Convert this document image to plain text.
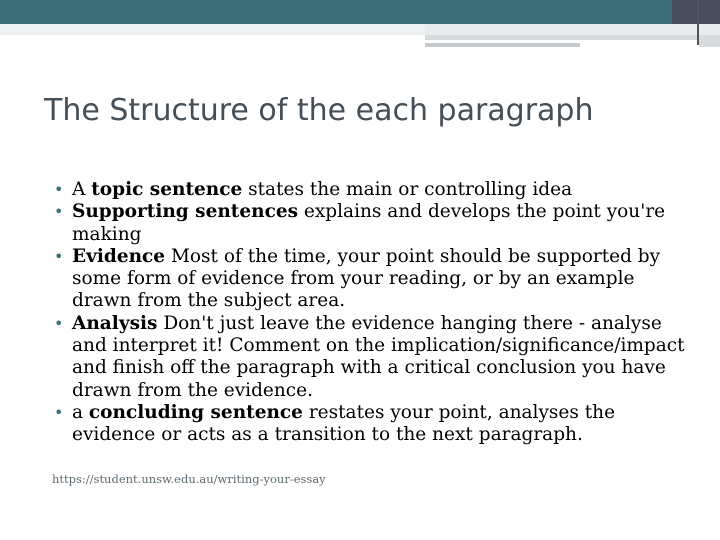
The Structure of the each paragraph
• A topic sentence states the main or controlling idea
• Supporting sentences explains and develops the point you're making
• Evidence Most of the time, your point should be supported by some form of evidence from your reading, or by an example drawn from the subject area.
• Analysis Don't just leave the evidence hanging there - analyse and interpret it! Comment on the implication/significance/impact and finish off the paragraph with a critical conclusion you have drawn from the evidence.
• a concluding sentence restates your point, analyses the evidence or acts as a transition to the next paragraph.
https://student.unsw.edu.au/writing-your-essay
